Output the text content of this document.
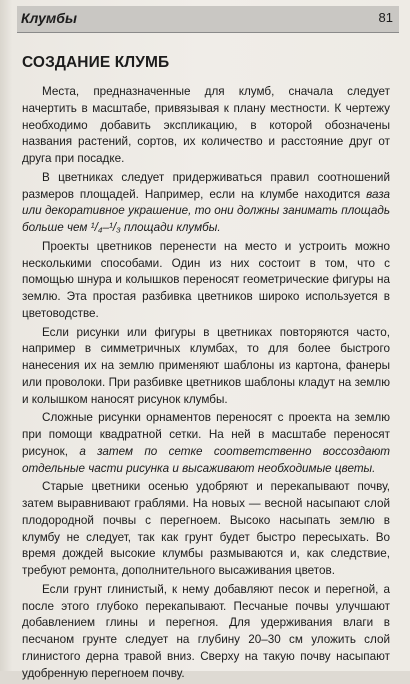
Клумбы	81
СОЗДАНИЕ КЛУМБ

Места, предназначенные для клумб, сначала следует начертить в масштабе, привязывая к плану местности. К чертежу необходимо добавить экспликацию, в которой обозначены названия растений, сортов, их количество и расстояние друг от друга при посадке.

В цветниках следует придерживаться правил соотношений размеров площадей. Например, если на клумбе находится ваза или декоративное украшение, то они должны занимать площадь больше чем ¹/₄–¹/₃ площади клумбы.

Проекты цветников перенести на место и устроить можно несколькими способами. Один из них состоит в том, что с помощью шнура и колышков переносят геометрические фигуры на землю. Эта простая разбивка цветников широко используется в цветоводстве.

Если рисунки или фигуры в цветниках повторяются часто, например в симметричных клумбах, то для более быстрого нанесения их на землю применяют шаблоны из картона, фанеры или проволоки. При разбивке цветников шаблоны кладут на землю и колышком наносят рисунок клумбы.

Сложные рисунки орнаментов переносят с проекта на землю при помощи квадратной сетки. На ней в масштабе переносят рисунок, а затем по сетке соответственно воссоздают отдельные части рисунка и высаживают необходимые цветы.

Старые цветники осенью удобряют и перекапывают почву, затем выравнивают граблями. На новых — весной насыпают слой плодородной почвы с перегноем. Высоко насыпать землю в клумбу не следует, так как грунт будет быстро пересыхать. Во время дождей высокие клумбы размываются и, как следствие, требуют ремонта, дополнительного высаживания цветов.

Если грунт глинистый, к нему добавляют песок и перегной, а после этого глубоко перекапывают. Песчаные почвы улучшают добавлением глины и перегноя. Для удерживания влаги в песчаном грунте следует на глубину 20–30 см уложить слой глинистого дерна травой вниз. Сверху на такую почву насыпают удобренную перегноем почву.
